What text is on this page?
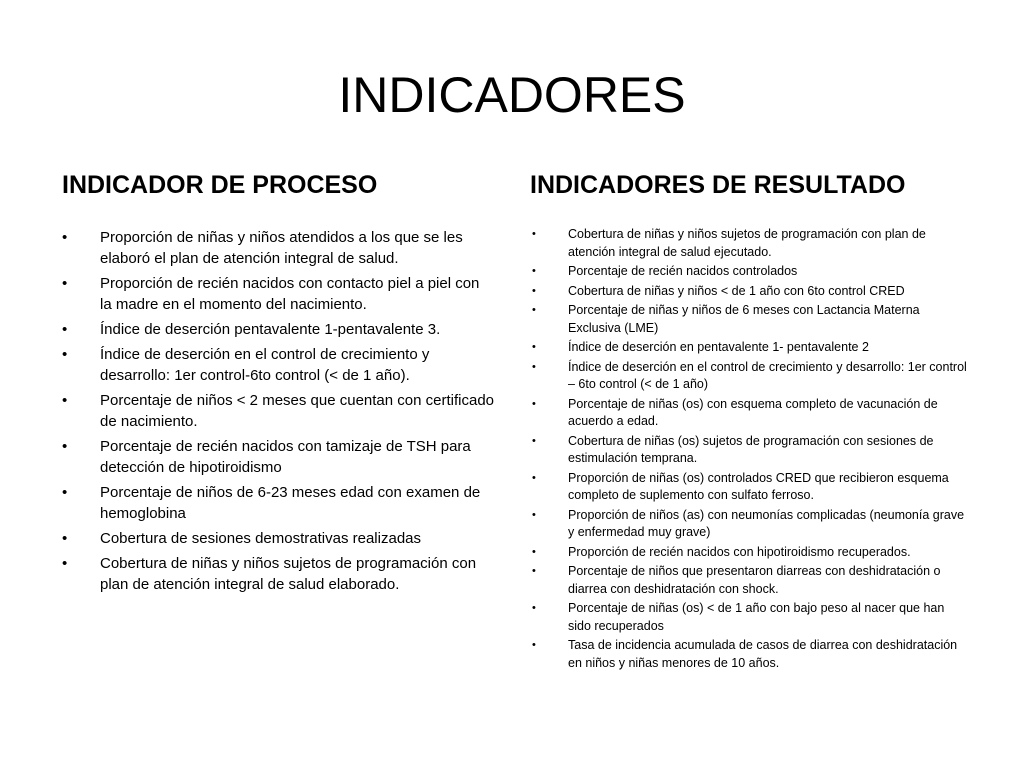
INDICADORES
INDICADOR DE PROCESO
• Proporción de niñas y niños atendidos a los que se les elaboró el plan de atención integral de salud.
• Proporción de recién nacidos con contacto piel a piel con la madre en el momento del nacimiento.
• Índice de deserción pentavalente 1-pentavalente 3.
• Índice de deserción en el control de crecimiento y desarrollo: 1er control-6to control (< de 1 año).
• Porcentaje de niños < 2 meses que cuentan con certificado de nacimiento.
• Porcentaje de recién nacidos con tamizaje de TSH para detección de hipotiroidismo
• Porcentaje de niños de 6-23 meses edad con examen de hemoglobina
• Cobertura de sesiones demostrativas realizadas
• Cobertura de niñas y niños sujetos de programación con plan de atención integral de salud elaborado.
INDICADORES DE RESULTADO
•	Cobertura de niñas y niños sujetos de programación con plan de atención integral de salud ejecutado.
•	Porcentaje de recién nacidos controlados
•	Cobertura de niñas y niños < de 1 año con 6to control CRED
•	Porcentaje de niñas y niños de 6 meses con Lactancia Materna Exclusiva (LME)
•	Índice de deserción en pentavalente 1- pentavalente 2
•	Índice de deserción en el control de crecimiento y desarrollo: 1er control – 6to control (< de 1 año)
•	Porcentaje de niñas (os) con esquema completo de vacunación de acuerdo a edad.
•	Cobertura de niñas (os) sujetos de programación con sesiones de estimulación temprana.
•	Proporción de niñas (os) controlados CRED que recibieron esquema completo de suplemento con sulfato ferroso.
•	Proporción de niños (as) con neumonías complicadas (neumonía grave y enfermedad muy grave)
•	Proporción de recién nacidos con hipotiroidismo recuperados.
•	Porcentaje de niños que presentaron diarreas con deshidratación o diarrea con deshidratación con shock.
•	Porcentaje de niñas (os) < de 1 año con bajo peso al nacer que han sido recuperados
•	Tasa de incidencia acumulada de casos de diarrea con deshidratación en niños y niñas menores de 10 años.
